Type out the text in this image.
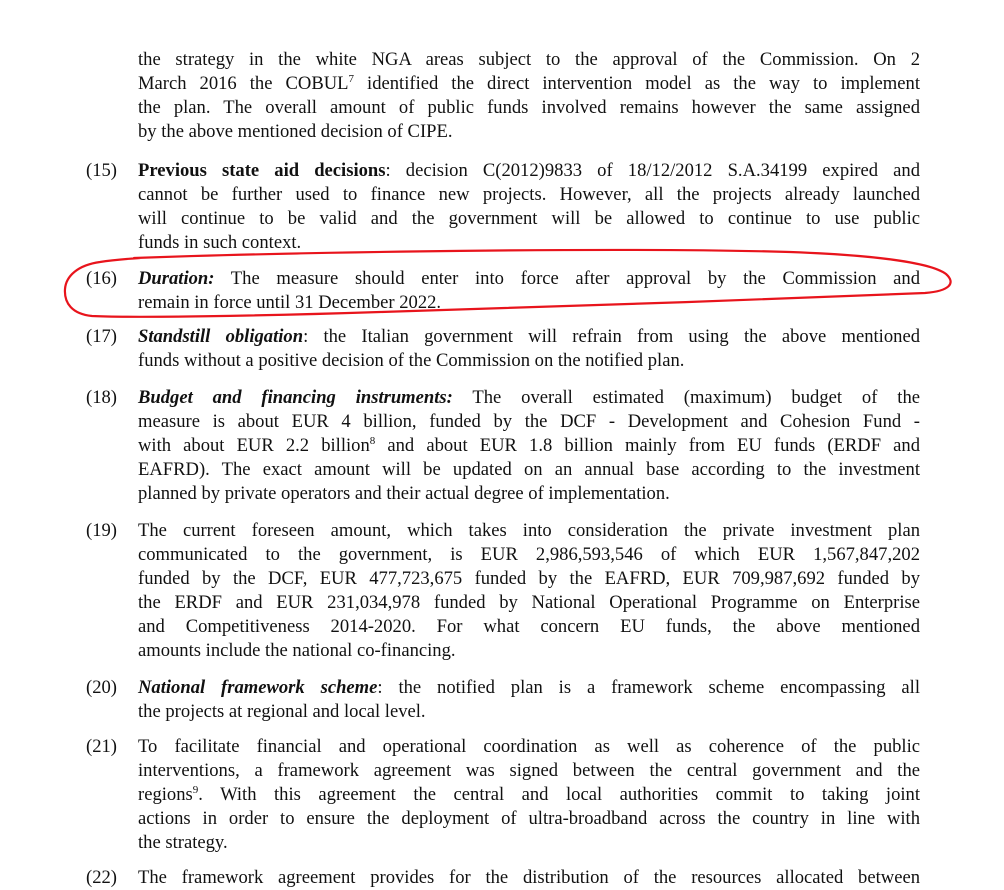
the strategy in the white NGA areas subject to the approval of the Commission. On 2
March 2016 the COBUL$^7$ identified the direct intervention model as the way to implement
the plan. The overall amount of public funds involved remains however the same assigned
by the above mentioned decision of CIPE.
(15)	Previous state aid decisions: decision C(2012)9833 of 18/12/2012 S.A.34199 expired and
cannot be further used to finance new projects. However, all the projects already launched
will continue to be valid and the government will be allowed to continue to use public
funds in such context.
(16)	Duration: The measure should enter into force after approval by the Commission and
remain in force until 31 December 2022.
(17)	Standstill obligation: the Italian government will refrain from using the above mentioned
funds without a positive decision of the Commission on the notified plan.
(18)	Budget and financing instruments: The overall estimated (maximum) budget of the
measure is about EUR 4 billion, funded by the DCF - Development and Cohesion Fund -
with about EUR 2.2 billion$^8$ and about EUR 1.8 billion mainly from EU funds (ERDF and
EAFRD). The exact amount will be updated on an annual base according to the investment
planned by private operators and their actual degree of implementation.
(19)	The current foreseen amount, which takes into consideration the private investment plan
communicated to the government, is EUR 2,986,593,546 of which EUR 1,567,847,202
funded by the DCF, EUR 477,723,675 funded by the EAFRD, EUR 709,987,692 funded by
the ERDF and EUR 231,034,978 funded by National Operational Programme on Enterprise
and Competitiveness 2014-2020. For what concern EU funds, the above mentioned
amounts include the national co-financing.
(20)	National framework scheme: the notified plan is a framework scheme encompassing all
the projects at regional and local level.
(21)	To facilitate financial and operational coordination as well as coherence of the public
interventions, a framework agreement was signed between the central government and the
regions$^9$. With this agreement the central and local authorities commit to taking joint
actions in order to ensure the deployment of ultra-broadband across the country in line with
the strategy.
(22)	The framework agreement provides for the distribution of the resources allocated between
